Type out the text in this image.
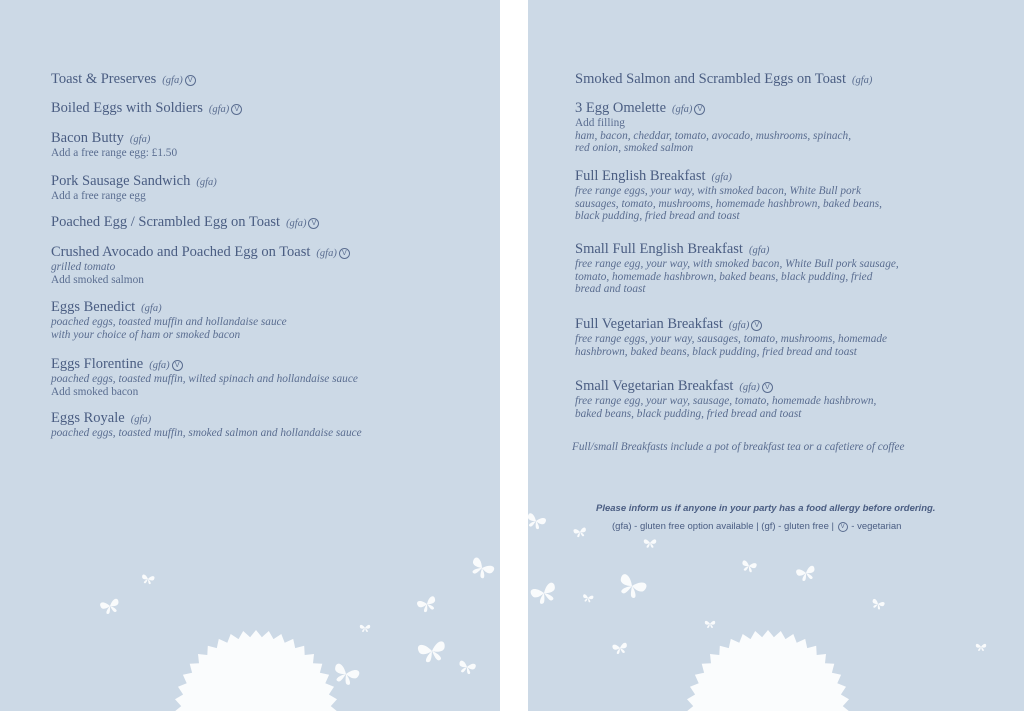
Toast & Preserves (gfa) V
Boiled Eggs with Soldiers (gfa) V
Bacon Butty (gfa)
Add a free range egg: £1.50
Pork Sausage Sandwich (gfa)
Add a free range egg
Poached Egg / Scrambled Egg on Toast (gfa) V
Crushed Avocado and Poached Egg on Toast (gfa) V
grilled tomato
Add smoked salmon
Eggs Benedict (gfa)
poached eggs, toasted muffin and hollandaise sauce
with your choice of ham or smoked bacon
Eggs Florentine (gfa) V
poached eggs, toasted muffin, wilted spinach and hollandaise sauce
Add smoked bacon
Eggs Royale (gfa)
poached eggs, toasted muffin, smoked salmon and hollandaise sauce
Smoked Salmon and Scrambled Eggs on Toast (gfa)
3 Egg Omelette (gfa) V
Add filling
ham, bacon, cheddar, tomato, avocado, mushrooms, spinach,
red onion, smoked salmon
Full English Breakfast (gfa)
free range eggs, your way, with smoked bacon, White Bull pork
sausages, tomato, mushrooms, homemade hashbrown, baked beans,
black pudding, fried bread and toast
Small Full English Breakfast (gfa)
free range egg, your way, with smoked bacon, White Bull pork sausage,
tomato, homemade hashbrown, baked beans, black pudding, fried
bread and toast
Full Vegetarian Breakfast (gfa) V
free range eggs, your way, sausages, tomato, mushrooms, homemade
hashbrown, baked beans, black pudding, fried bread and toast
Small Vegetarian Breakfast (gfa) V
free range egg, your way, sausage, tomato, homemade hashbrown,
baked beans, black pudding, fried bread and toast
Full/small Breakfasts include a pot of breakfast tea or a cafetiere of coffee
Please inform us if anyone in your party has a food allergy before ordering.
(gfa) - gluten free option available | (gf) - gluten free | V - vegetarian
